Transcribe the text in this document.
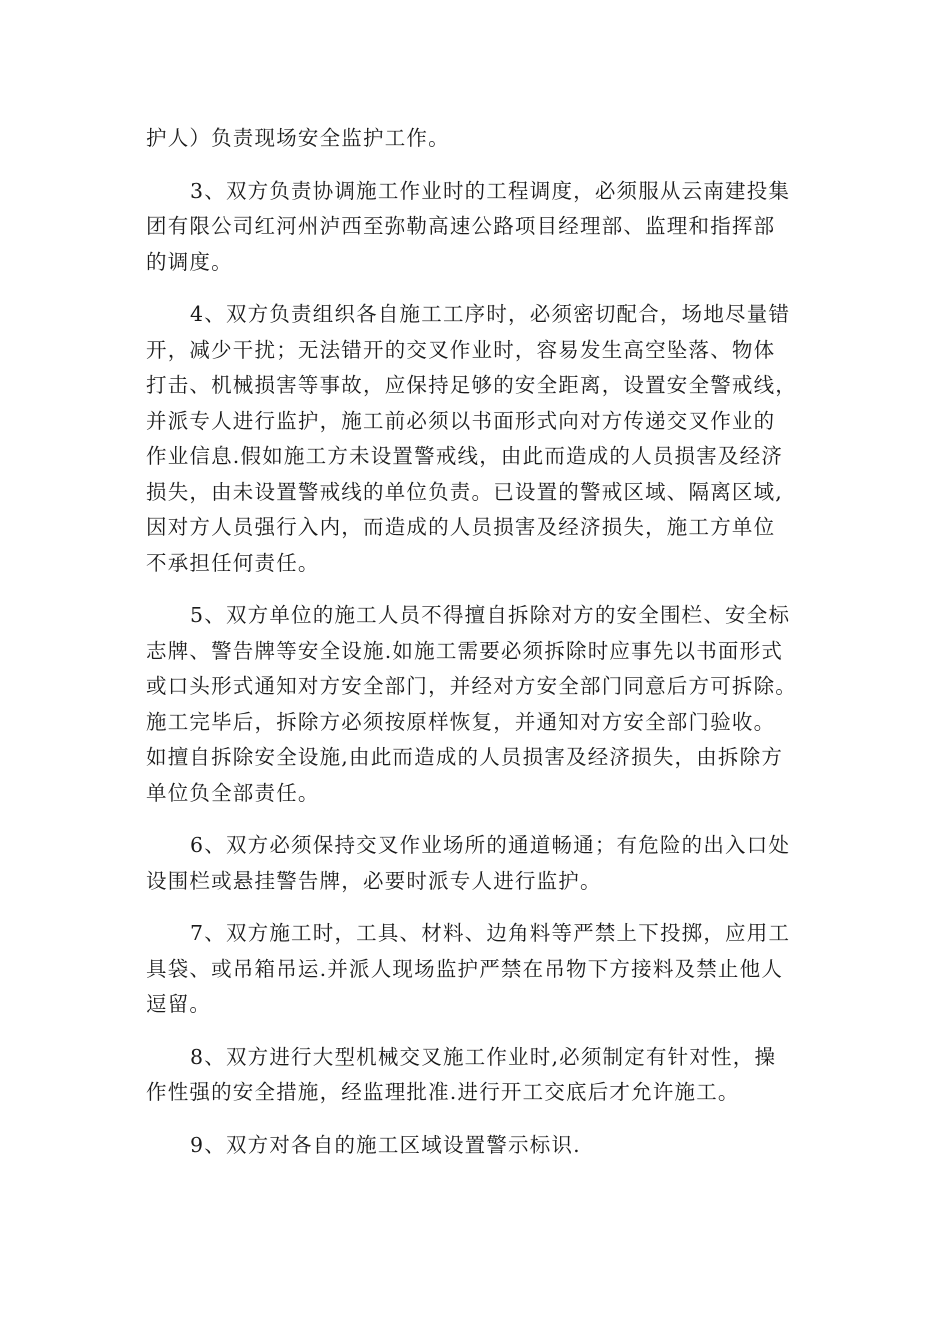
护人）负责现场安全监护工作。

3、双方负责协调施工作业时的工程调度，必须服从云南建投集
团有限公司红河州泸西至弥勒高速公路项目经理部、监理和指挥部
的调度。

4、双方负责组织各自施工工序时，必须密切配合，场地尽量错
开，减少干扰；无法错开的交叉作业时，容易发生高空坠落、物体
打击、机械损害等事故，应保持足够的安全距离，设置安全警戒线，
并派专人进行监护，施工前必须以书面形式向对方传递交叉作业的
作业信息.假如施工方未设置警戒线，由此而造成的人员损害及经济
损失，由未设置警戒线的单位负责。已设置的警戒区域、隔离区域,
因对方人员强行入内，而造成的人员损害及经济损失，施工方单位
不承担任何责任。

5、双方单位的施工人员不得擅自拆除对方的安全围栏、安全标
志牌、警告牌等安全设施.如施工需要必须拆除时应事先以书面形式
或口头形式通知对方安全部门，并经对方安全部门同意后方可拆除。
施工完毕后，拆除方必须按原样恢复，并通知对方安全部门验收。
如擅自拆除安全设施,由此而造成的人员损害及经济损失，由拆除方
单位负全部责任。

6、双方必须保持交叉作业场所的通道畅通；有危险的出入口处
设围栏或悬挂警告牌，必要时派专人进行监护。

7、双方施工时，工具、材料、边角料等严禁上下投掷，应用工
具袋、或吊箱吊运.并派人现场监护严禁在吊物下方接料及禁止他人
逗留。

8、双方进行大型机械交叉施工作业时,必须制定有针对性，操
作性强的安全措施，经监理批准.进行开工交底后才允许施工。

9、双方对各自的施工区域设置警示标识.
